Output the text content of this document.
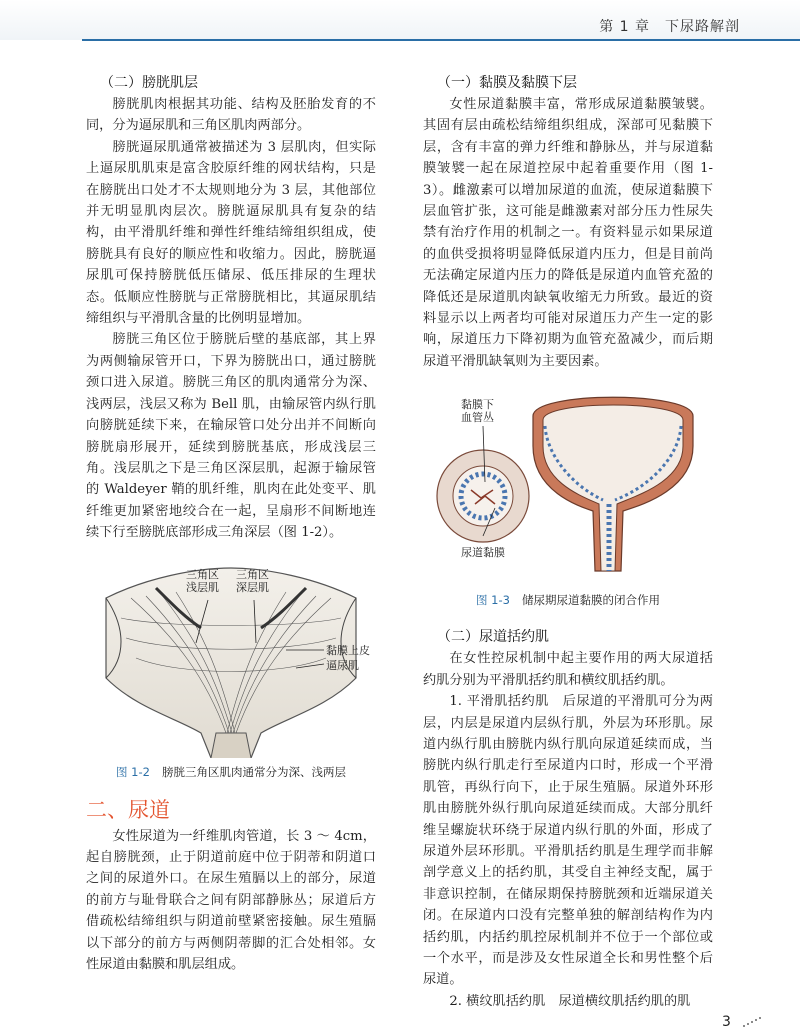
第 1 章　下尿路解剖
（二）膀胱肌层

膀胱肌肉根据其功能、结构及胚胎发育的不同，分为逼尿肌和三角区肌肉两部分。

膀胱逼尿肌通常被描述为 3 层肌肉，但实际上逼尿肌肌束是富含胶原纤维的网状结构，只是在膀胱出口处才不太规则地分为 3 层，其他部位并无明显肌肉层次。膀胱逼尿肌具有复杂的结构，由平滑肌纤维和弹性纤维结缔组织组成，使膀胱具有良好的顺应性和收缩力。因此，膀胱逼尿肌可保持膀胱低压储尿、低压排尿的生理状态。低顺应性膀胱与正常膀胱相比，其逼尿肌结缔组织与平滑肌含量的比例明显增加。

膀胱三角区位于膀胱后壁的基底部，其上界为两侧输尿管开口，下界为膀胱出口，通过膀胱颈口进入尿道。膀胱三角区的肌肉通常分为深、浅两层，浅层又称为 Bell 肌，由输尿管内纵行肌向膀胱延续下来，在输尿管口处分出并不间断向膀胱扇形展开，延续到膀胱基底，形成浅层三角。浅层肌之下是三角区深层肌，起源于输尿管的 Waldeyer 鞘的肌纤维，肌肉在此处变平、肌纤维更加紧密地绞合在一起，呈扇形不间断地连续下行至膀胱底部形成三角深层（图 1-2）。

三角区
浅层肌
三角区
深层肌
黏膜上皮
逼尿肌
图 1-2 膀胱三角区肌肉通常分为深、浅两层
二、尿道

女性尿道为一纤维肌肉管道，长 3 ～ 4cm，起自膀胱颈，止于阴道前庭中位于阴蒂和阴道口之间的尿道外口。在尿生殖膈以上的部分，尿道的前方与耻骨联合之间有阴部静脉丛；尿道后方借疏松结缔组织与阴道前壁紧密接触。尿生殖膈以下部分的前方与两侧阴蒂脚的汇合处相邻。女性尿道由黏膜和肌层组成。

（一）黏膜及黏膜下层

女性尿道黏膜丰富，常形成尿道黏膜皱襞。其固有层由疏松结缔组织组成，深部可见黏膜下层，含有丰富的弹力纤维和静脉丛，并与尿道黏膜皱襞一起在尿道控尿中起着重要作用（图 1-3）。雌激素可以增加尿道的血流，使尿道黏膜下层血管扩张，这可能是雌激素对部分压力性尿失禁有治疗作用的机制之一。有资料显示如果尿道的血供受损将明显降低尿道内压力，但是目前尚无法确定尿道内压力的降低是尿道内血管充盈的降低还是尿道肌肉缺氧收缩无力所致。最近的资料显示以上两者均可能对尿道压力产生一定的影响，尿道压力下降初期为血管充盈减少，而后期尿道平滑肌缺氧则为主要因素。

黏膜下
血管丛
尿道黏膜
图 1-3 储尿期尿道黏膜的闭合作用
（二）尿道括约肌

在女性控尿机制中起主要作用的两大尿道括约肌分别为平滑肌括约肌和横纹肌括约肌。

1. 平滑肌括约肌　后尿道的平滑肌可分为两层，内层是尿道内层纵行肌，外层为环形肌。尿道内纵行肌由膀胱内纵行肌向尿道延续而成，当膀胱内纵行肌走行至尿道内口时，形成一个平滑肌管，再纵行向下，止于尿生殖膈。尿道外环形肌由膀胱外纵行肌向尿道延续而成。大部分肌纤维呈螺旋状环绕于尿道内纵行肌的外面，形成了尿道外层环形肌。平滑肌括约肌是生理学而非解剖学意义上的括约肌，其受自主神经支配，属于非意识控制，在储尿期保持膀胱颈和近端尿道关闭。在尿道内口没有完整单独的解剖结构作为内括约肌，内括约肌控尿机制并不位于一个部位或一个水平，而是涉及女性尿道全长和男性整个后尿道。

2. 横纹肌括约肌　尿道横纹肌括约肌的肌

3
